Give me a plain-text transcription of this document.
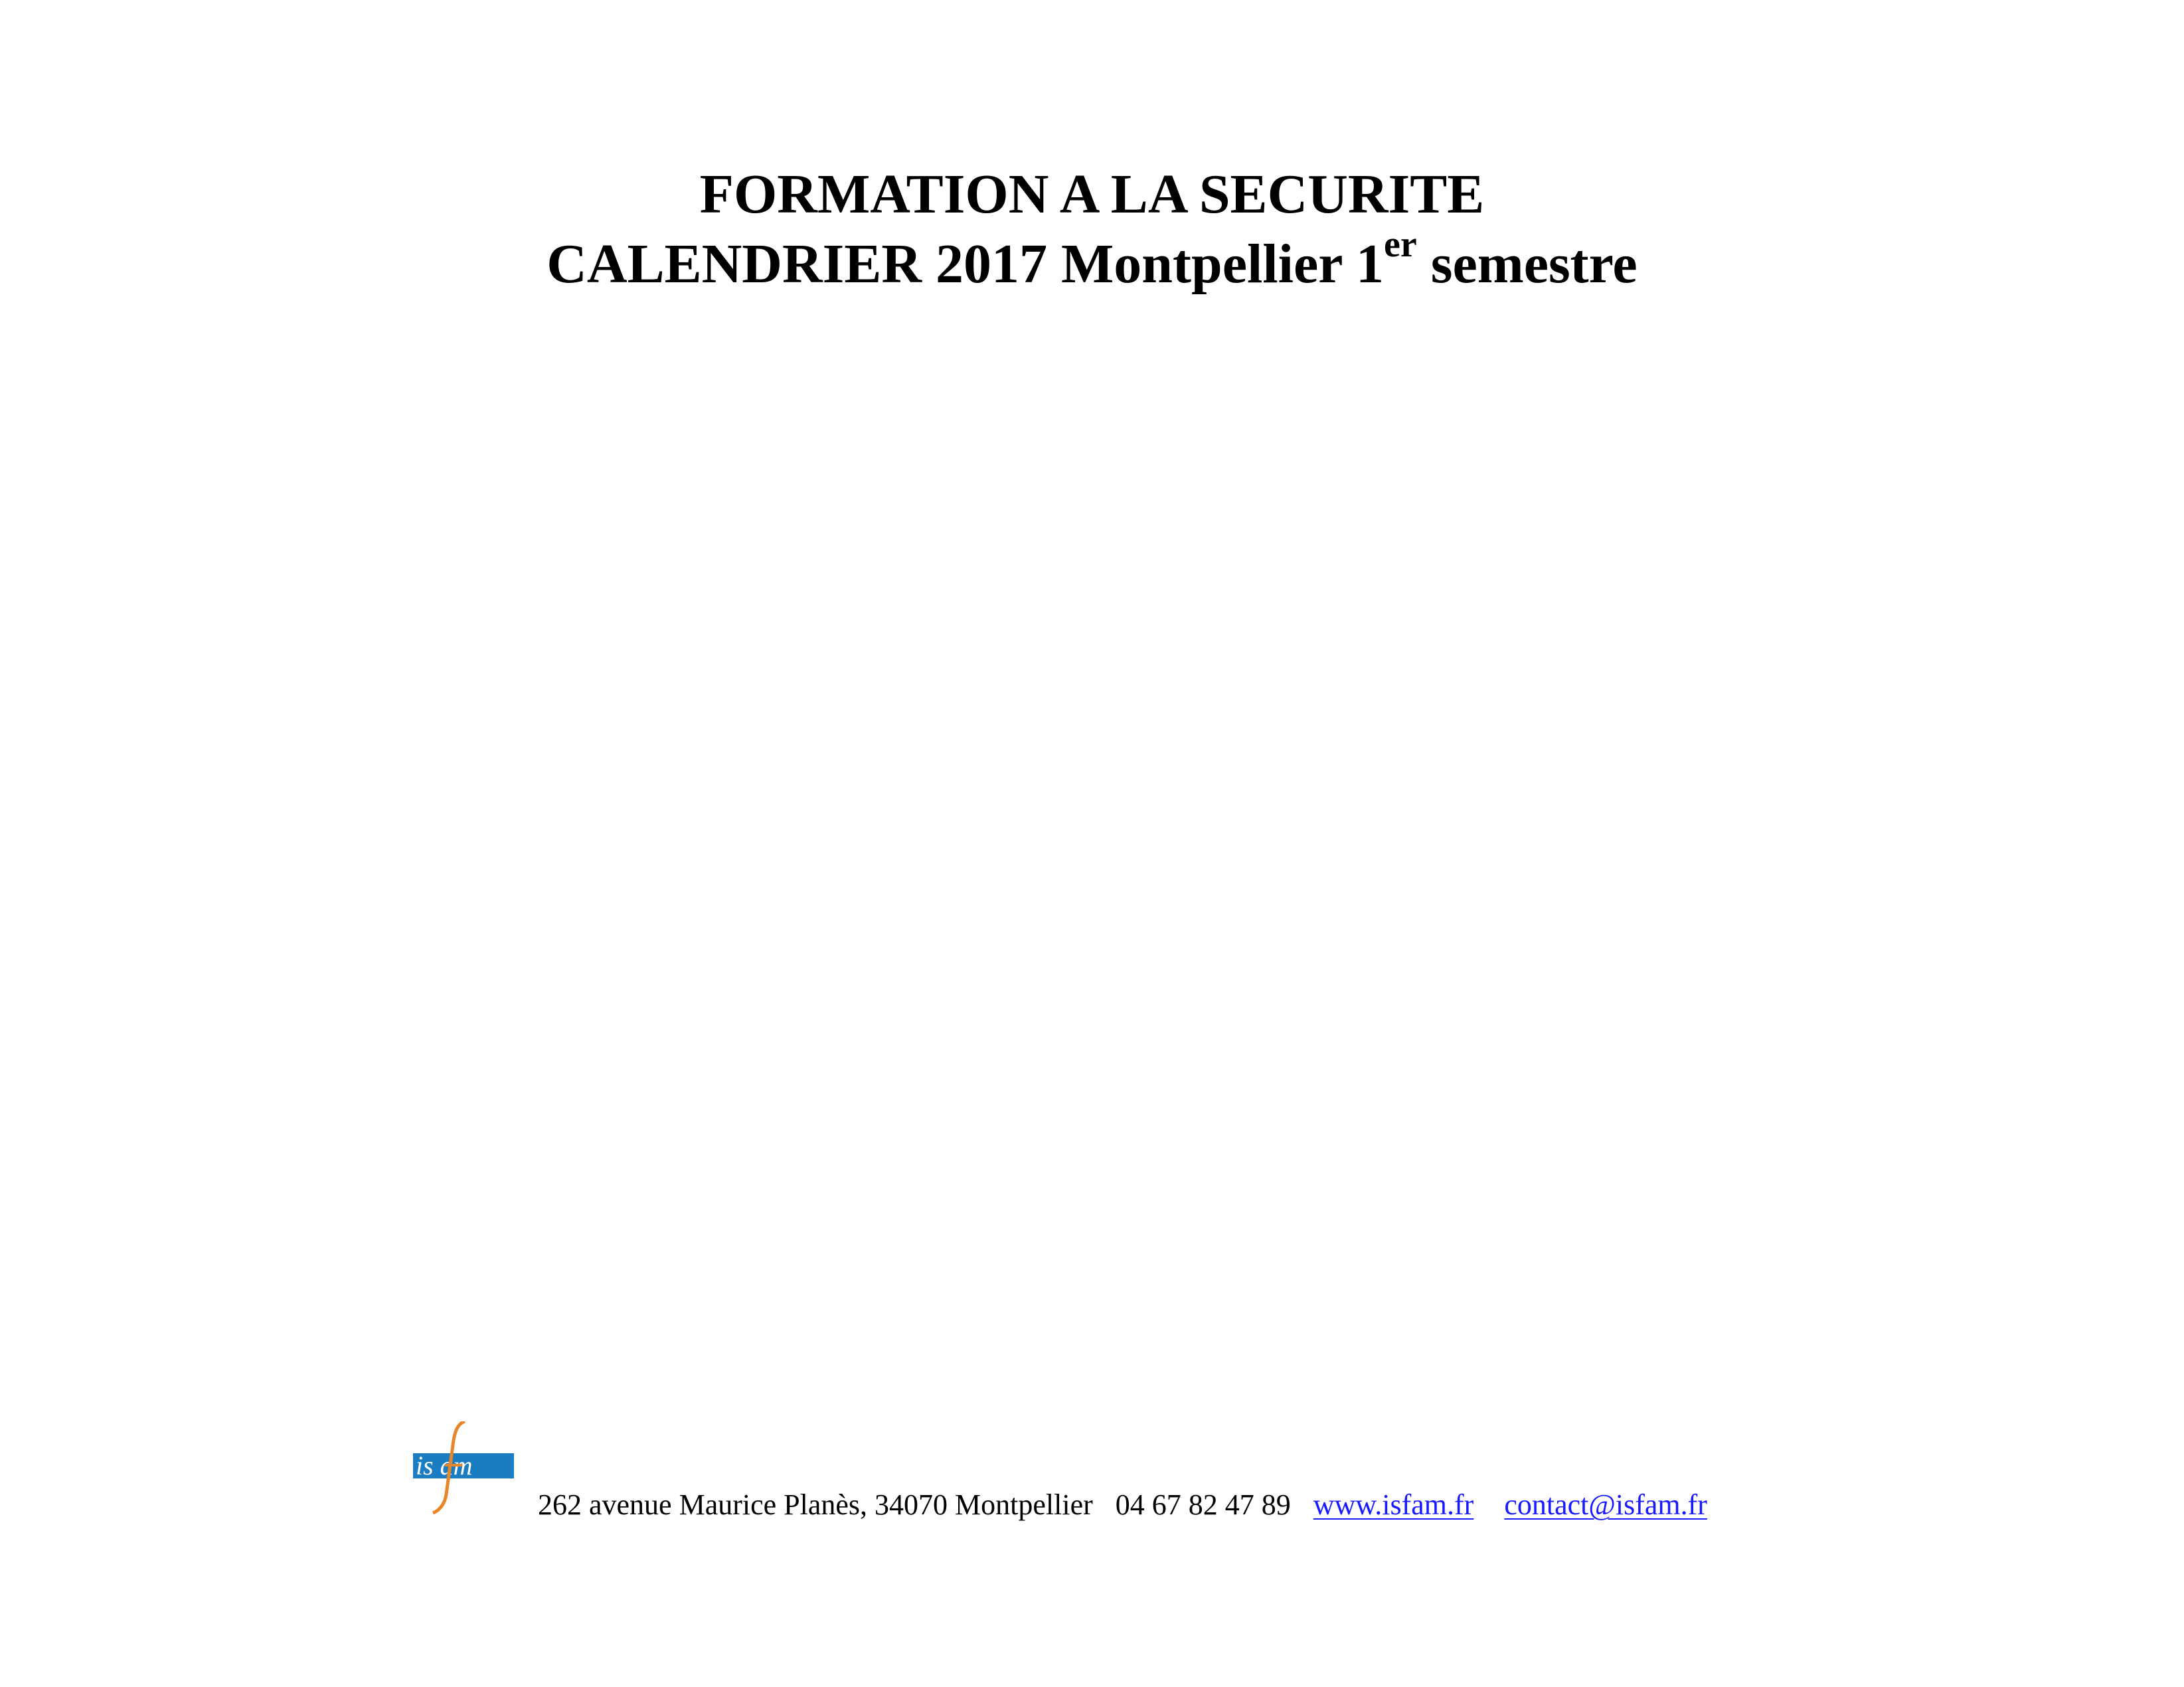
FORMATION A LA SECURITE
CALENDRIER 2017 Montpellier 1er semestre
is am
262 avenue Maurice Planès, 34070 Montpellier 04 67 82 47 89 www.isfam.fr contact@isfam.fr
